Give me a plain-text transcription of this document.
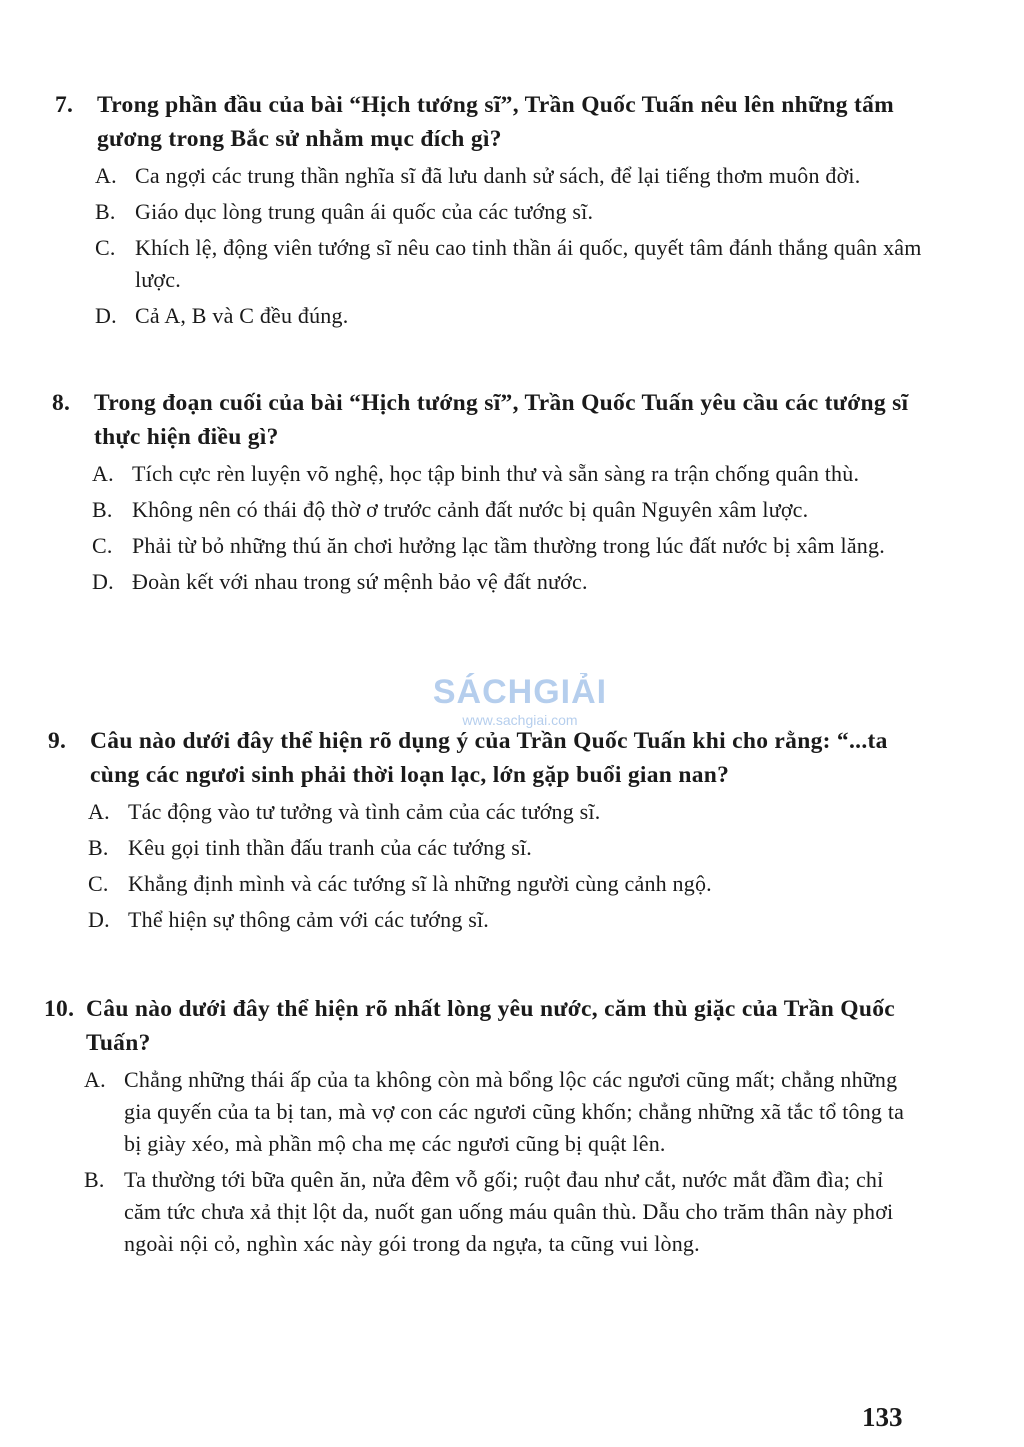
7.	Trong phần đầu của bài “Hịch tướng sĩ”, Trần Quốc Tuấn nêu lên những tấm gương trong Bắc sử nhằm mục đích gì?
A. Ca ngợi các trung thần nghĩa sĩ đã lưu danh sử sách, để lại tiếng thơm muôn đời.
B. Giáo dục lòng trung quân ái quốc của các tướng sĩ.
C. Khích lệ, động viên tướng sĩ nêu cao tinh thần ái quốc, quyết tâm đánh thắng quân xâm lược.
D. Cả A, B và C đều đúng.
8.	Trong đoạn cuối của bài “Hịch tướng sĩ”, Trần Quốc Tuấn yêu cầu các tướng sĩ thực hiện điều gì?
A. Tích cực rèn luyện võ nghệ, học tập binh thư và sẵn sàng ra trận chống quân thù.
B. Không nên có thái độ thờ ơ trước cảnh đất nước bị quân Nguyên xâm lược.
C. Phải từ bỏ những thú ăn chơi hưởng lạc tầm thường trong lúc đất nước bị xâm lăng.
D. Đoàn kết với nhau trong sứ mệnh bảo vệ đất nước.
9.	Câu nào dưới đây thể hiện rõ dụng ý của Trần Quốc Tuấn khi cho rằng: “...ta cùng các ngươi sinh phải thời loạn lạc, lớn gặp buổi gian nan?
A. Tác động vào tư tưởng và tình cảm của các tướng sĩ.
B. Kêu gọi tinh thần đấu tranh của các tướng sĩ.
C. Khẳng định mình và các tướng sĩ là những người cùng cảnh ngộ.
D. Thể hiện sự thông cảm với các tướng sĩ.
10. Câu nào dưới đây thể hiện rõ nhất lòng yêu nước, căm thù giặc của Trần Quốc Tuấn?
A. Chẳng những thái ấp của ta không còn mà bổng lộc các ngươi cũng mất; chẳng những gia quyến của ta bị tan, mà vợ con các ngươi cũng khốn; chẳng những xã tắc tổ tông ta bị giày xéo, mà phần mộ cha mẹ các ngươi cũng bị quật lên.
B. Ta thường tới bữa quên ăn, nửa đêm vỗ gối; ruột đau như cắt, nước mắt đầm đìa; chỉ căm tức chưa xả thịt lột da, nuốt gan uống máu quân thù. Dẫu cho trăm thân này phơi ngoài nội cỏ, nghìn xác này gói trong da ngựa, ta cũng vui lòng.
SÁCHGIẢI
www.sachgiai.com
133
